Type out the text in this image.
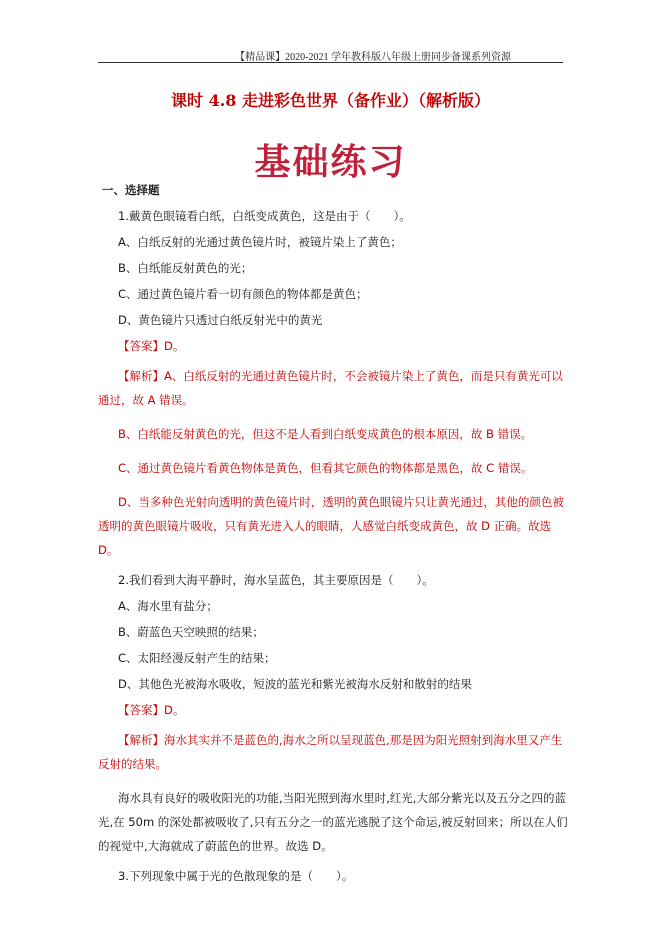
【精品课】2020-2021 学年教科版八年级上册同步备课系列资源
课时 4.8 走进彩色世界（备作业）（解析版）
基础练习
一、选择题
1.戴黄色眼镜看白纸，白纸变成黄色，这是由于（　　）。
A、白纸反射的光通过黄色镜片时，被镜片染上了黄色；
B、白纸能反射黄色的光；
C、通过黄色镜片看一切有颜色的物体都是黄色；
D、黄色镜片只透过白纸反射光中的黄光
【答案】D。
【解析】A、白纸反射的光通过黄色镜片时，不会被镜片染上了黄色，而是只有黄光可以通过，故 A 错误。
B、白纸能反射黄色的光，但这不是人看到白纸变成黄色的根本原因，故 B 错误。
C、通过黄色镜片看黄色物体是黄色，但看其它颜色的物体都是黑色，故 C 错误。
D、当多种色光射向透明的黄色镜片时，透明的黄色眼镜片只让黄光通过，其他的颜色被透明的黄色眼镜片吸收，只有黄光进入人的眼睛，人感觉白纸变成黄色，故 D 正确。故选 D。
2.我们看到大海平静时，海水呈蓝色，其主要原因是（　　）。
A、海水里有盐分；
B、蔚蓝色天空映照的结果；
C、太阳经漫反射产生的结果；
D、其他色光被海水吸收，短波的蓝光和紫光被海水反射和散射的结果
【答案】D。
【解析】海水其实并不是蓝色的,海水之所以呈现蓝色,那是因为阳光照射到海水里又产生反射的结果。
海水具有良好的吸收阳光的功能,当阳光照到海水里时,红光,大部分紫光以及五分之四的蓝光,在 50m 的深处都被吸收了,只有五分之一的蓝光逃脱了这个命运,被反射回来；所以在人们的视觉中,大海就成了蔚蓝色的世界。故选 D。
3.下列现象中属于光的色散现象的是（　　）。
